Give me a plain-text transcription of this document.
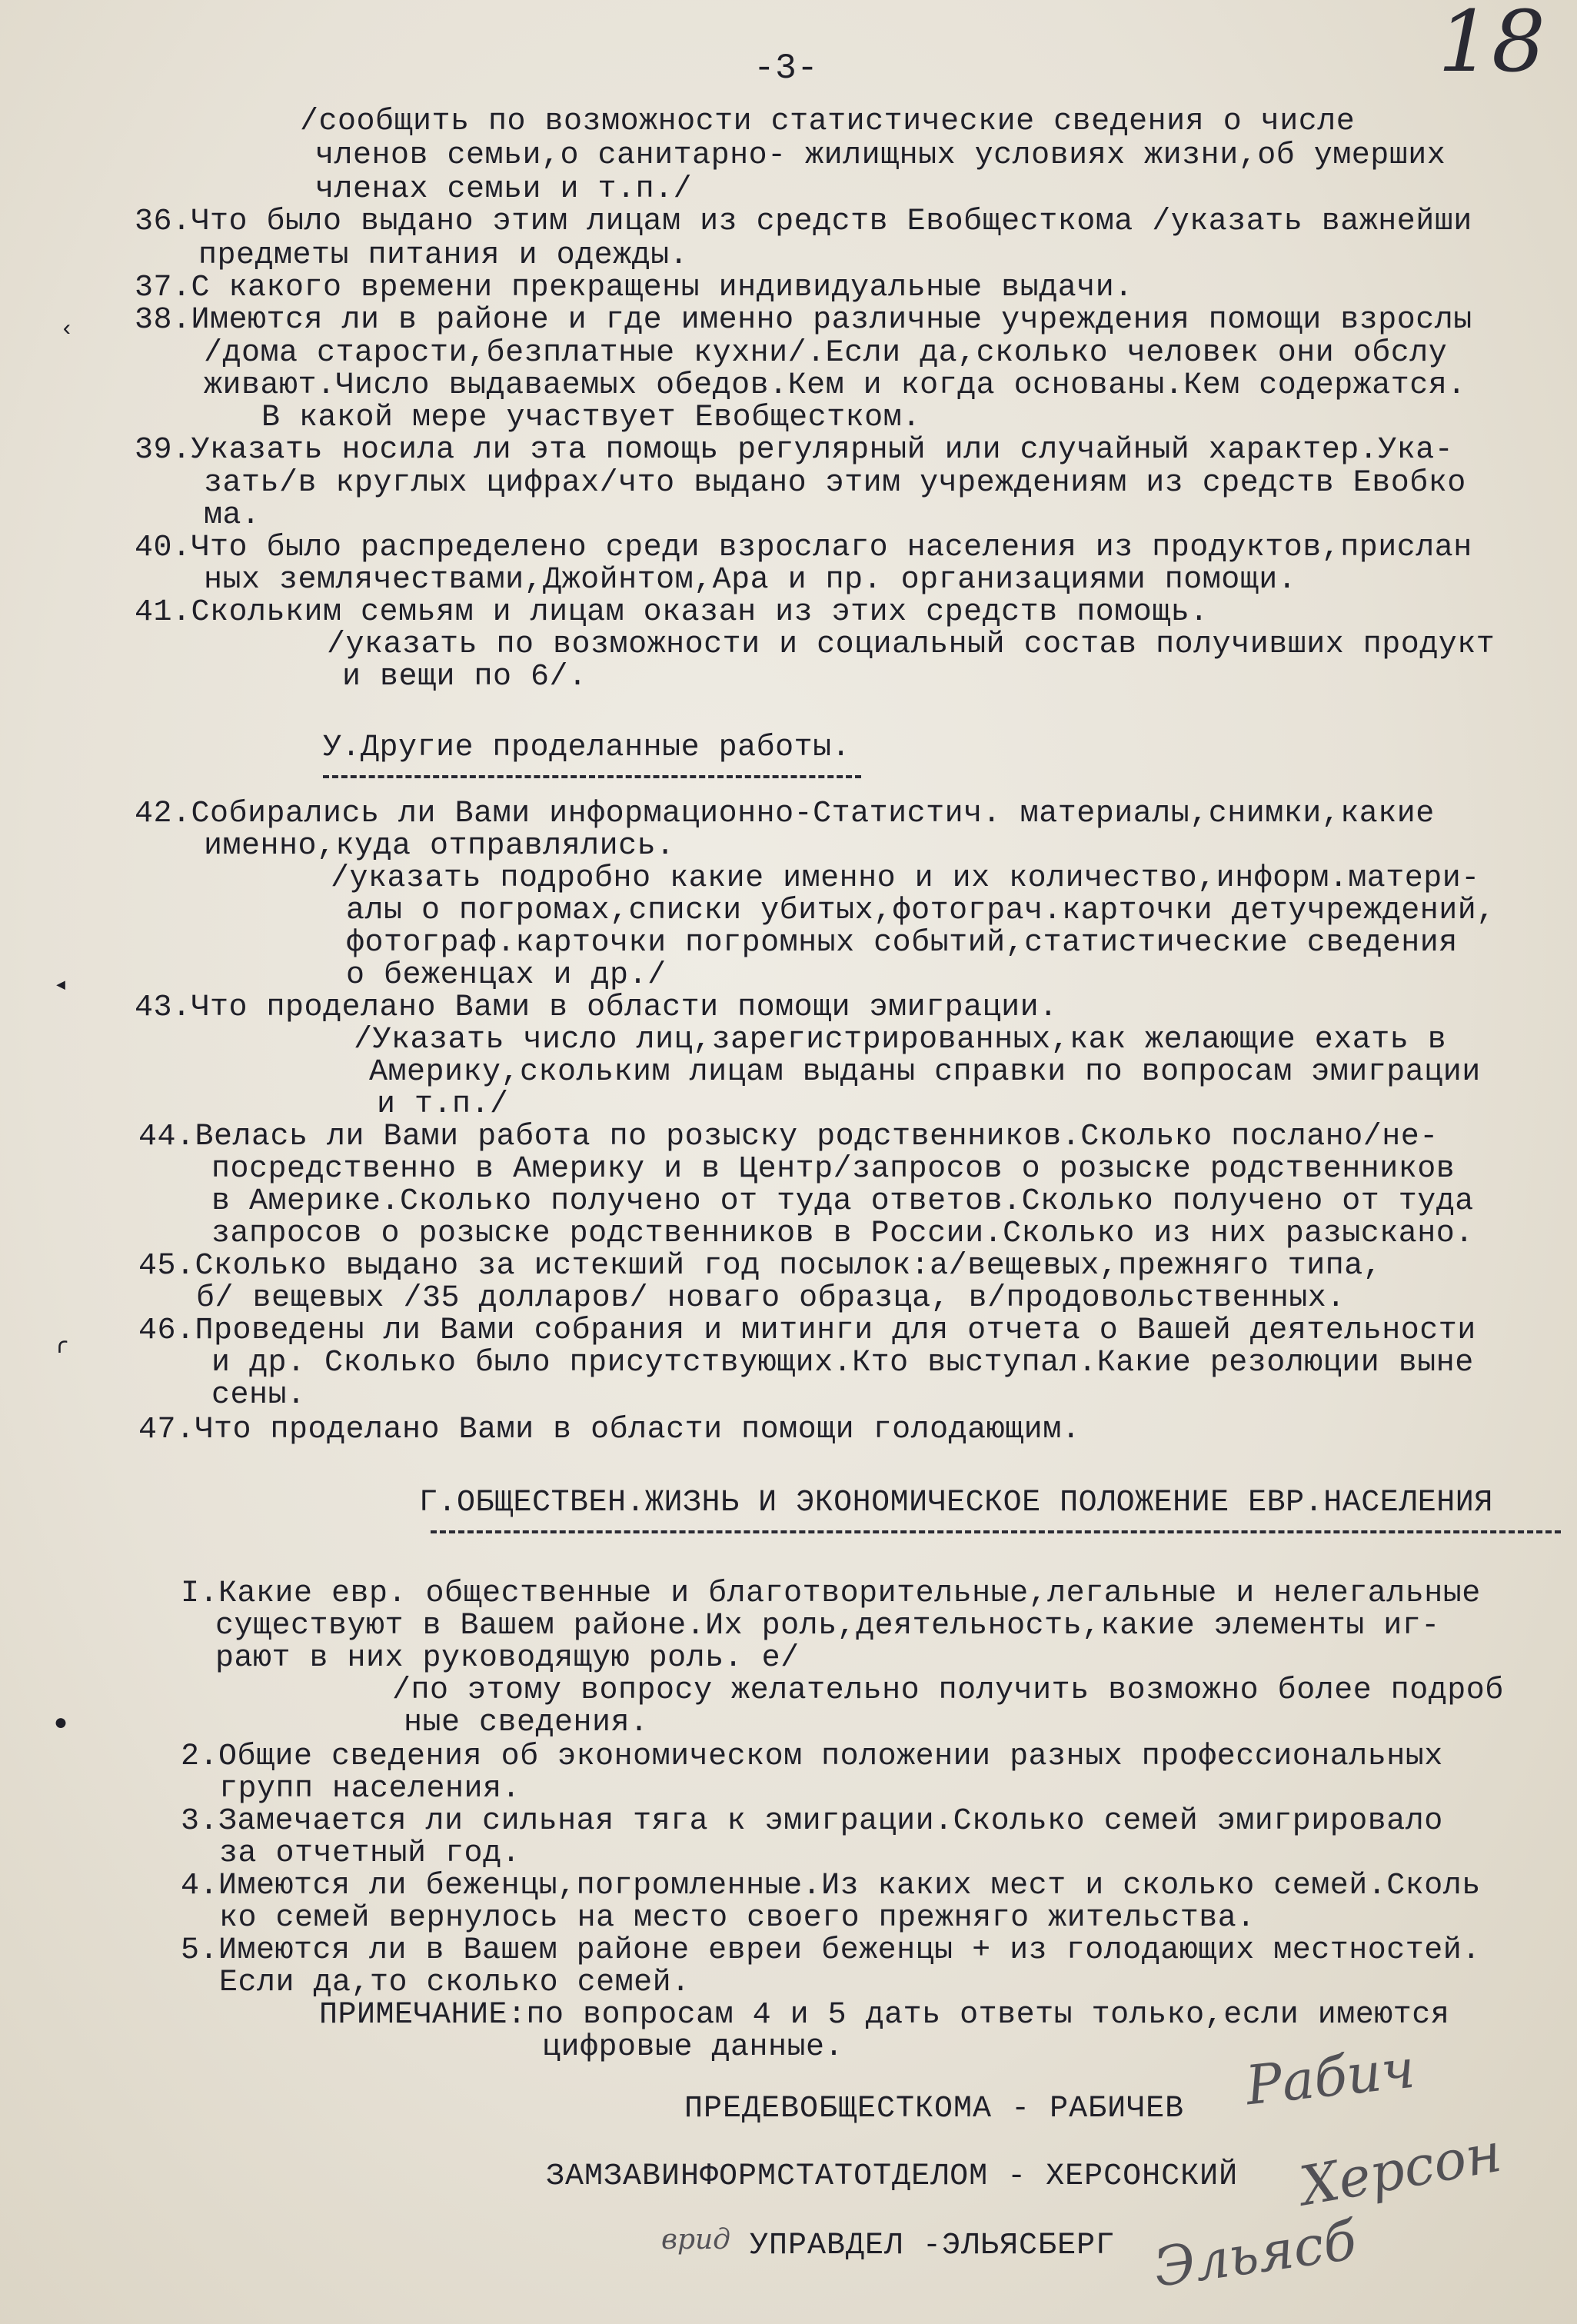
-3-	18
/сообщить по возможности статистические сведения о числе
членов семьи,о санитарно- жилищных условиях жизни,об умерших
членах семьи и т.п./
36.Что было выдано этим лицам из средств Евобщесткома /указать важнейши
предметы питания и одежды.
37.С какого времени прекращены индивидуальные выдачи.
38.Имеются ли в районе и где именно различные учреждения помощи взрослы
/дома старости,безплатные кухни/.Если да,сколько человек они обслу
живают.Число выдаваемых обедов.Кем и когда основаны.Кем содержатся.
В какой мере участвует Евобщестком.
39.Указать носила ли эта помощь регулярный или случайный характер.Ука-
зать/в круглых цифрах/что выдано этим учреждениям из средств Евобко
ма.
40.Что было распределено среди взрослаго населения из продуктов,прислан
ных землячествами,Джойнтом,Ара и пр. организациями помощи.
41.Скольким семьям и лицам оказан из этих средств помощь.
/указать по возможности и социальный состав получивших продукт
и вещи по 6/.
У.Другие проделанные работы.
42.Собирались ли Вами информационно-Статистич. материалы,снимки,какие
именно,куда отправлялись.
/указать подробно какие именно и их количество,информ.матери-
алы о погромах,списки убитых,фотограч.карточки детучреждений,
фотограф.карточки погромных событий,статистические сведения
о беженцах и др./
43.Что проделано Вами в области помощи эмиграции.
/Указать число лиц,зарегистрированных,как желающие ехать в
Америку,скольким лицам выданы справки по вопросам эмиграции
и т.п./
44.Велась ли Вами работа по розыску родственников.Сколько послано/не-
посредственно в Америку и в Центр/запросов о розыске родственников
в Америке.Сколько получено от туда ответов.Сколько получено от туда
запросов о розыске родственников в России.Сколько из них разыскано.
45.Сколько выдано за истекший год посылок:а/вещевых,прежняго типа,
б/ вещевых /35 долларов/ новаго образца, в/продовольственных.
46.Проведены ли Вами собрания и митинги для отчета о Вашей деятельности
и др. Сколько было присутствующих.Кто выступал.Какие резолюции выне
сены.
47.Что проделано Вами в области помощи голодающим.
Г.ОБЩЕСТВЕН.ЖИЗНЬ И ЭКОНОМИЧЕСКОЕ ПОЛОЖЕНИЕ ЕВР.НАСЕЛЕНИЯ
I.Какие евр. общественные и благотворительные,легальные и нелегальные
существуют в Вашем районе.Их роль,деятельность,какие элементы иг-
рают в них руководящую роль. е/
/по этому вопросу желательно получить возможно более подроб
ные сведения.
2.Общие сведения об экономическом положении разных профессиональных
групп населения.
3.Замечается ли сильная тяга к эмиграции.Сколько семей эмигрировало
за отчетный год.
4.Имеются ли беженцы,погромленные.Из каких мест и сколько семей.Сколь
ко семей вернулось на место своего прежняго жительства.
5.Имеются ли в Вашем районе евреи беженцы + из голодающих местностей.
Если да,то сколько семей.
ПРИМЕЧАНИЕ:по вопросам 4 и 5 дать ответы только,если имеются
цифровые данные.
ПРЕДЕВОБЩЕСТКОМА - РАБИЧЕВ
ЗАМЗАВИНФОРМСТАТОТДЕЛОМ - ХЕРСОНСКИЙ
УПРАВДЕЛ -ЭЛЬЯСБЕРГ
врид
Рабич
Херсон
Эльясб
‹
◂
ɾ
●
